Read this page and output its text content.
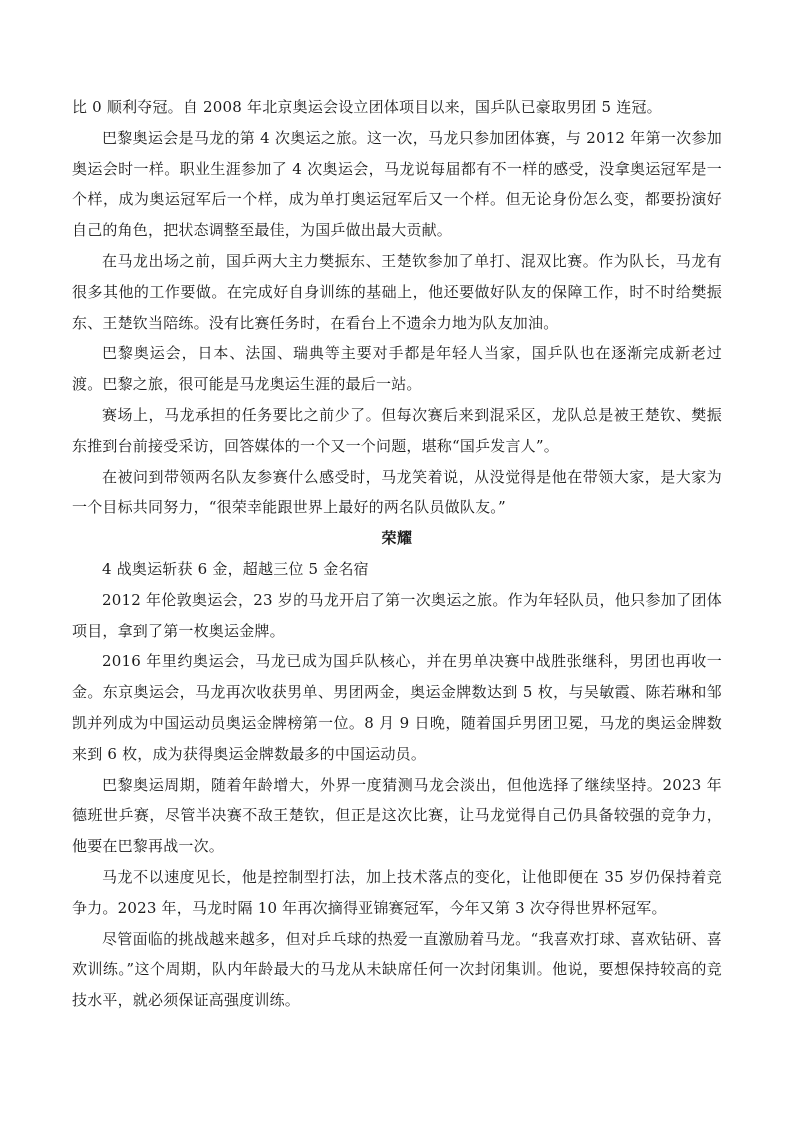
比 0 顺利夺冠。自 2008 年北京奥运会设立团体项目以来，国乒队已豪取男团 5 连冠。

巴黎奥运会是马龙的第 4 次奥运之旅。这一次，马龙只参加团体赛，与 2012 年第一次参加奥运会时一样。职业生涯参加了 4 次奥运会，马龙说每届都有不一样的感受，没拿奥运冠军是一个样，成为奥运冠军后一个样，成为单打奥运冠军后又一个样。但无论身份怎么变，都要扮演好自己的角色，把状态调整至最佳，为国乒做出最大贡献。

在马龙出场之前，国乒两大主力樊振东、王楚钦参加了单打、混双比赛。作为队长，马龙有很多其他的工作要做。在完成好自身训练的基础上，他还要做好队友的保障工作，时不时给樊振东、王楚钦当陪练。没有比赛任务时，在看台上不遗余力地为队友加油。

巴黎奥运会，日本、法国、瑞典等主要对手都是年轻人当家，国乒队也在逐渐完成新老过渡。巴黎之旅，很可能是马龙奥运生涯的最后一站。

赛场上，马龙承担的任务要比之前少了。但每次赛后来到混采区，龙队总是被王楚钦、樊振东推到台前接受采访，回答媒体的一个又一个问题，堪称“国乒发言人”。

在被问到带领两名队友参赛什么感受时，马龙笑着说，从没觉得是他在带领大家，是大家为一个目标共同努力，“很荣幸能跟世界上最好的两名队员做队友。”

荣耀

4 战奥运斩获 6 金，超越三位 5 金名宿

2012 年伦敦奥运会，23 岁的马龙开启了第一次奥运之旅。作为年轻队员，他只参加了团体项目，拿到了第一枚奥运金牌。

2016 年里约奥运会，马龙已成为国乒队核心，并在男单决赛中战胜张继科，男团也再收一金。东京奥运会，马龙再次收获男单、男团两金，奥运金牌数达到 5 枚，与吴敏霞、陈若琳和邹凯并列成为中国运动员奥运金牌榜第一位。8 月 9 日晚，随着国乒男团卫冕，马龙的奥运金牌数来到 6 枚，成为获得奥运金牌数最多的中国运动员。

巴黎奥运周期，随着年龄增大，外界一度猜测马龙会淡出，但他选择了继续坚持。2023 年德班世乒赛，尽管半决赛不敌王楚钦，但正是这次比赛，让马龙觉得自己仍具备较强的竞争力，他要在巴黎再战一次。

马龙不以速度见长，他是控制型打法，加上技术落点的变化，让他即便在 35 岁仍保持着竞争力。2023 年，马龙时隔 10 年再次摘得亚锦赛冠军，今年又第 3 次夺得世界杯冠军。

尽管面临的挑战越来越多，但对乒乓球的热爱一直激励着马龙。“我喜欢打球、喜欢钻研、喜欢训练。”这个周期，队内年龄最大的马龙从未缺席任何一次封闭集训。他说，要想保持较高的竞技水平，就必须保证高强度训练。
